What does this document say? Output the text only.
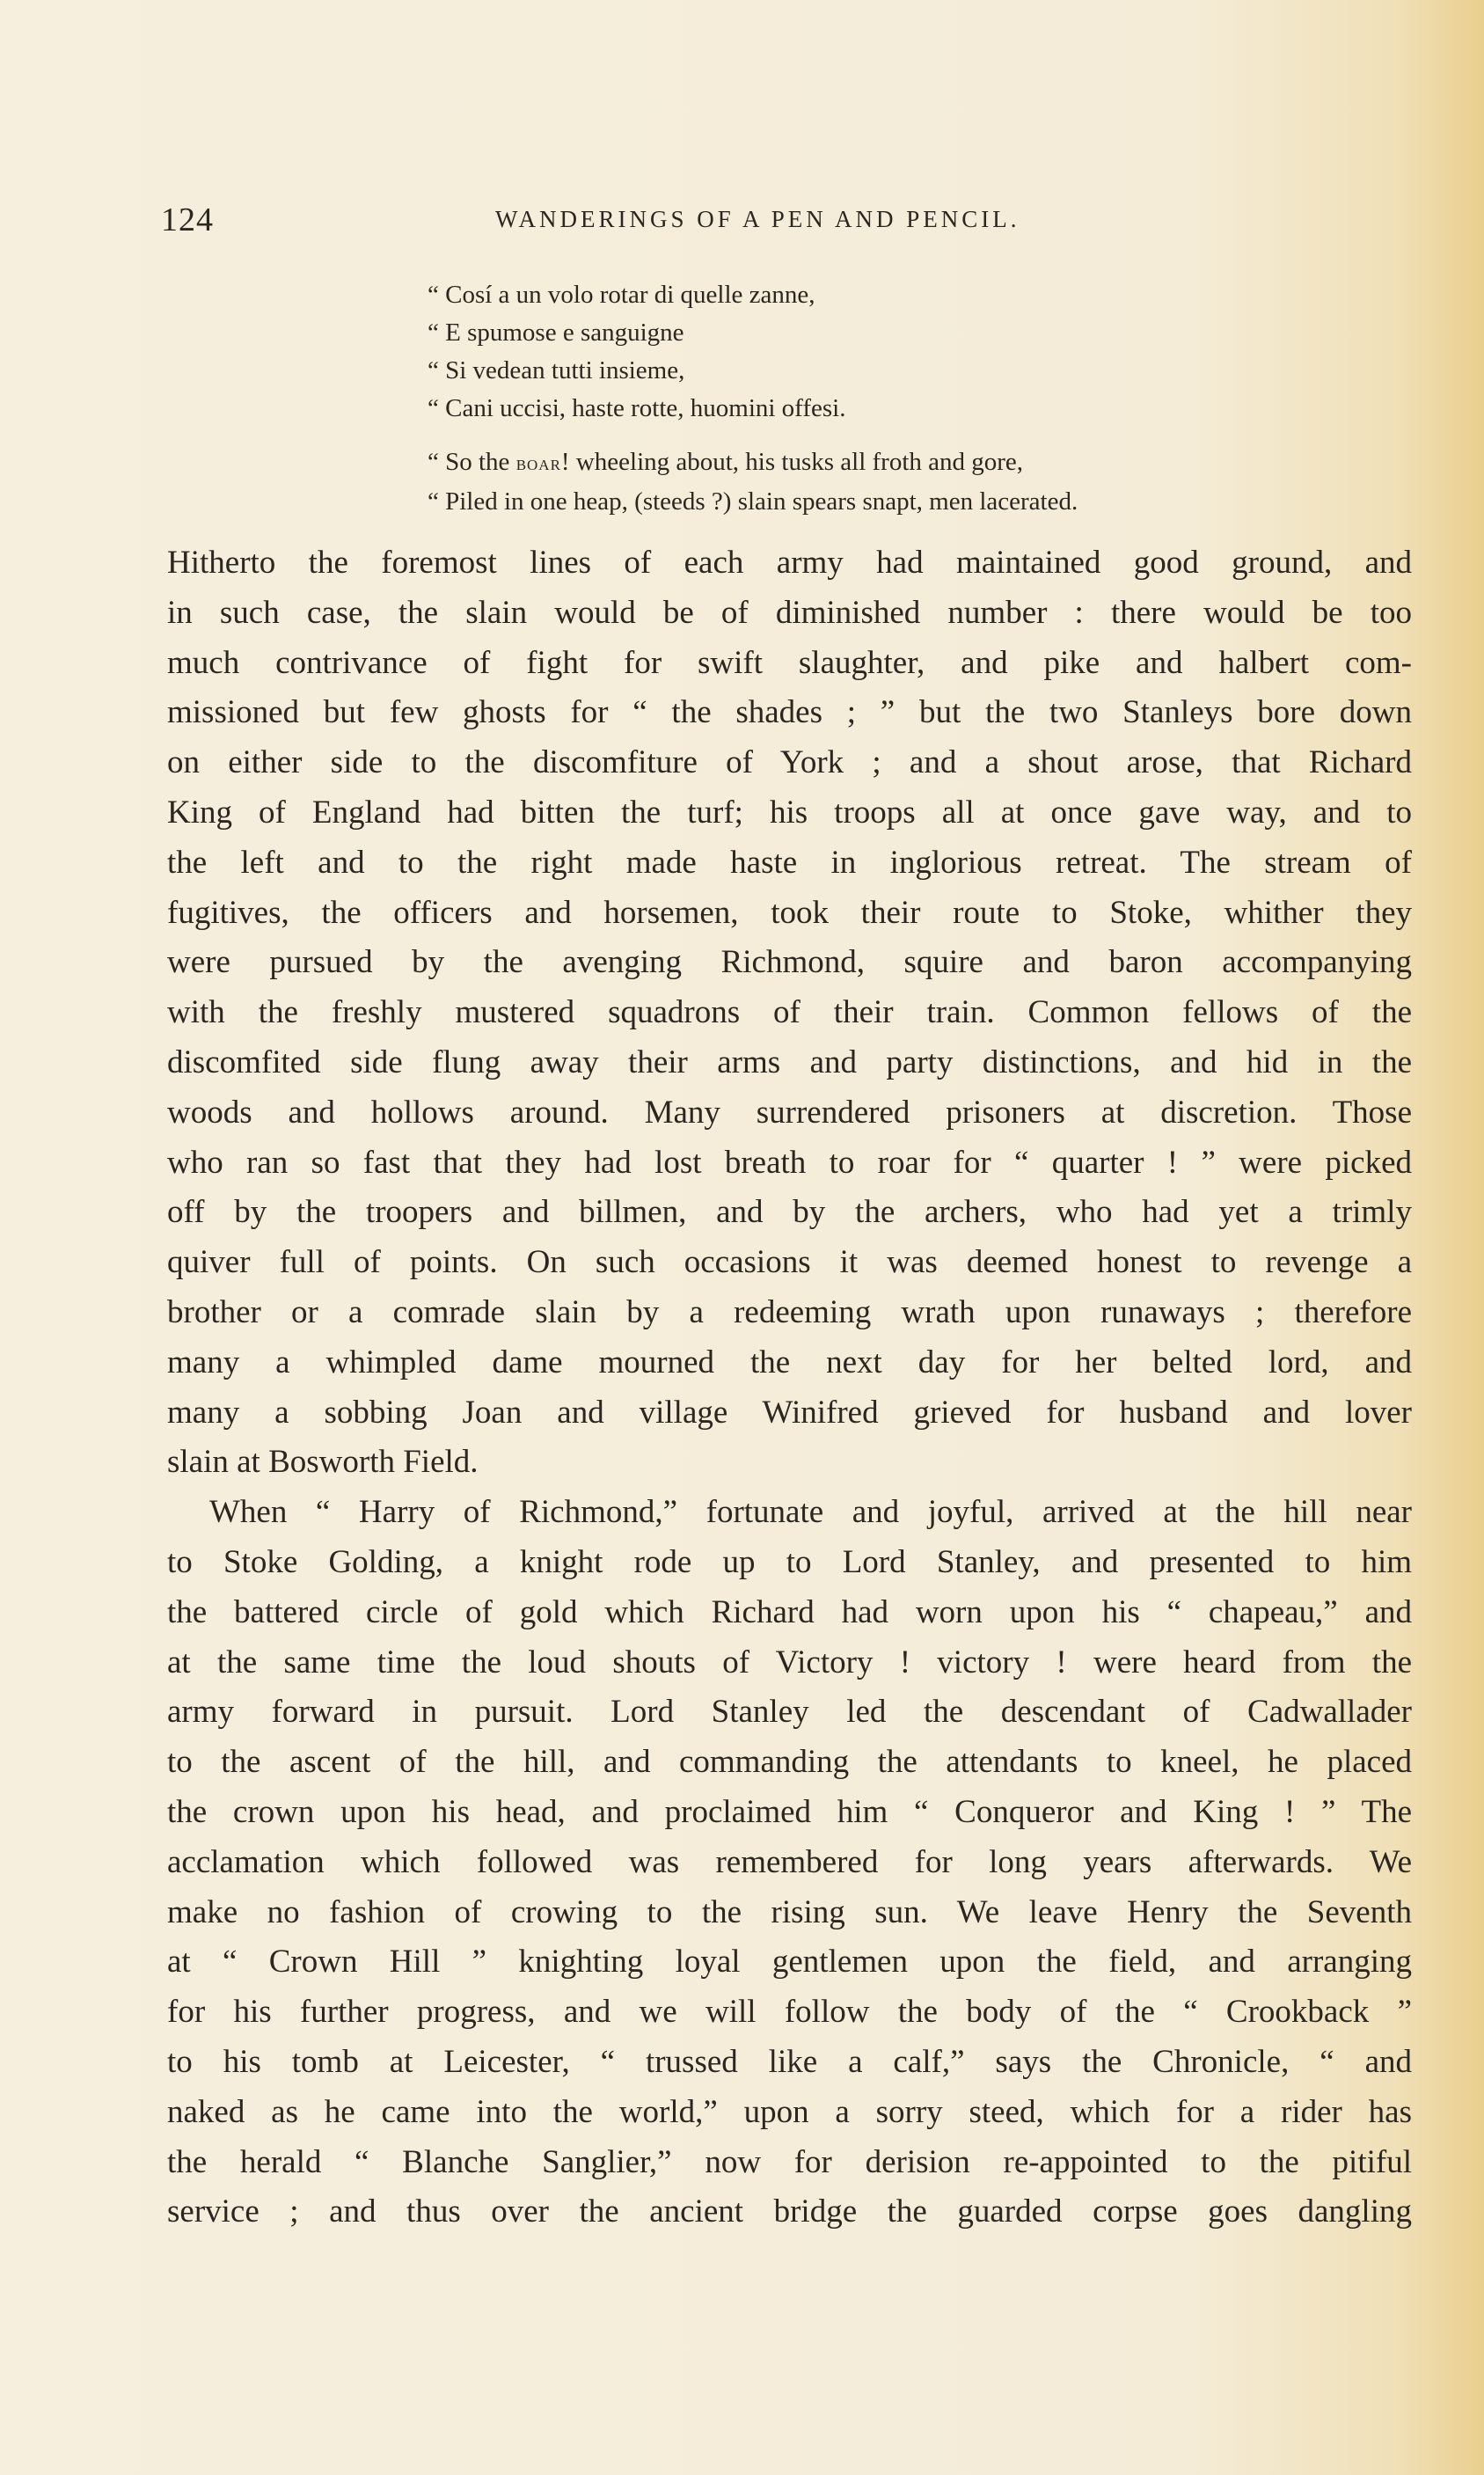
124	WANDERINGS OF A PEN AND PENCIL.
“ Cosí a un volo rotar di quelle zanne,
“ E spumose e sanguigne
“ Si vedean tutti insieme,
“ Cani uccisi, haste rotte, huomini offesi.
“ So the boar! wheeling about, his tusks all froth and gore,
“ Piled in one heap, (steeds ?) slain spears snapt, men lacerated.

Hitherto the foremost lines of each army had maintained good ground, and
in such case, the slain would be of diminished number : there would be too
much contrivance of fight for swift slaughter, and pike and halbert com-
missioned but few ghosts for “ the shades ; ” but the two Stanleys bore down
on either side to the discomfiture of York ; and a shout arose, that Richard
King of England had bitten the turf; his troops all at once gave way, and to
the left and to the right made haste in inglorious retreat. The stream of
fugitives, the officers and horsemen, took their route to Stoke, whither they
were pursued by the avenging Richmond, squire and baron accompanying
with the freshly mustered squadrons of their train. Common fellows of the
discomfited side flung away their arms and party distinctions, and hid in the
woods and hollows around. Many surrendered prisoners at discretion. Those
who ran so fast that they had lost breath to roar for “ quarter ! ” were picked
off by the troopers and billmen, and by the archers, who had yet a trimly
quiver full of points. On such occasions it was deemed honest to revenge a
brother or a comrade slain by a redeeming wrath upon runaways ; therefore
many a whimpled dame mourned the next day for her belted lord, and
many a sobbing Joan and village Winifred grieved for husband and lover
slain at Bosworth Field.

When “ Harry of Richmond,” fortunate and joyful, arrived at the hill near
to Stoke Golding, a knight rode up to Lord Stanley, and presented to him
the battered circle of gold which Richard had worn upon his “ chapeau,” and
at the same time the loud shouts of Victory ! victory ! were heard from the
army forward in pursuit. Lord Stanley led the descendant of Cadwallader
to the ascent of the hill, and commanding the attendants to kneel, he placed
the crown upon his head, and proclaimed him “ Conqueror and King ! ” The
acclamation which followed was remembered for long years afterwards. We
make no fashion of crowing to the rising sun. We leave Henry the Seventh
at “ Crown Hill ” knighting loyal gentlemen upon the field, and arranging
for his further progress, and we will follow the body of the “ Crookback ”
to his tomb at Leicester, “ trussed like a calf,” says the Chronicle, “ and
naked as he came into the world,” upon a sorry steed, which for a rider has
the herald “ Blanche Sanglier,” now for derision re-appointed to the pitiful
service ; and thus over the ancient bridge the guarded corpse goes dangling
